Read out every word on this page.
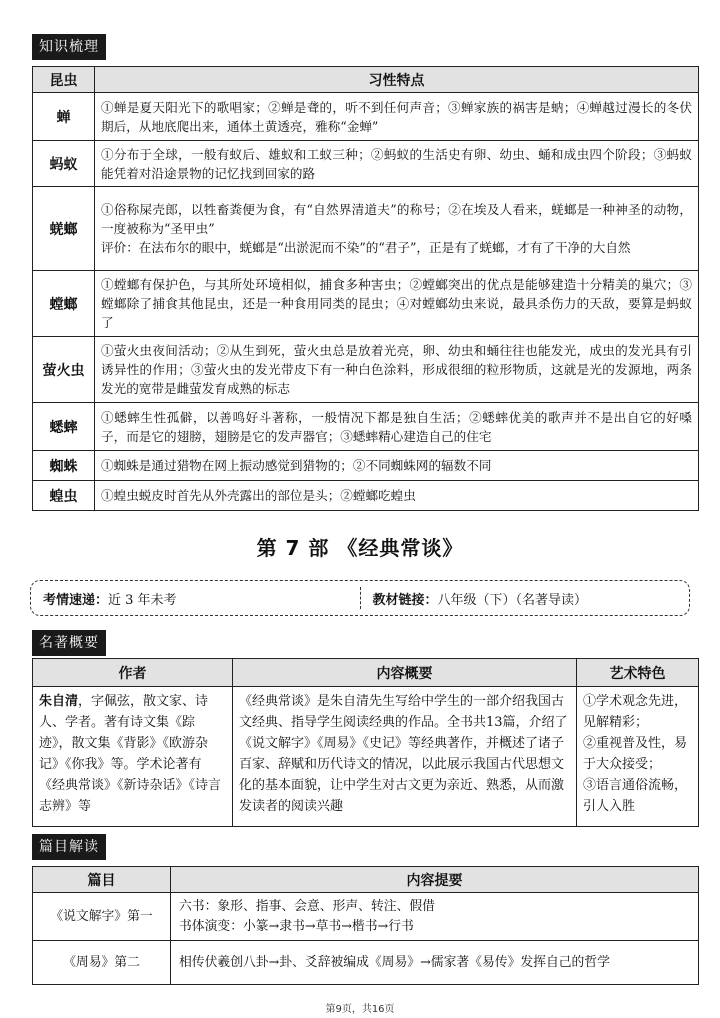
知识梳理
昆虫	习性特点
蝉	①蝉是夏天阳光下的歌唱家；②蝉是聋的，听不到任何声音；③蝉家族的祸害是蚋；④蝉越过漫长的冬伏期后，从地底爬出来，通体土黄透亮，雅称“金蝉”
蚂蚁	①分布于全球，一般有蚁后、雄蚁和工蚁三种；②蚂蚁的生活史有卵、幼虫、蛹和成虫四个阶段；③蚂蚁能凭着对沿途景物的记忆找到回家的路
蜣螂	①俗称屎壳郎，以牲畜粪便为食，有“自然界清道夫”的称号；②在埃及人看来，蜣螂是一种神圣的动物，一度被称为“圣甲虫”
评价：在法布尔的眼中，蜣螂是“出淤泥而不染”的“君子”，正是有了蜣螂，才有了干净的大自然

螳螂	①螳螂有保护色，与其所处环境相似，捕食多种害虫；②螳螂突出的优点是能够建造十分精美的巢穴；③螳螂除了捕食其他昆虫，还是一种食用同类的昆虫；④对螳螂幼虫来说，最具杀伤力的天敌，要算是蚂蚁了
萤火虫	①萤火虫夜间活动；②从生到死，萤火虫总是放着光亮，卵、幼虫和蛹往往也能发光，成虫的发光具有引诱异性的作用；③萤火虫的发光带皮下有一种白色涂料，形成很细的粒形物质，这就是光的发源地，两条发光的宽带是雌萤发育成熟的标志
蟋蟀	①蟋蟀生性孤僻，以善鸣好斗著称，一般情况下都是独自生活；②蟋蟀优美的歌声并不是出自它的好嗓子，而是它的翅膀，翅膀是它的发声器官；③蟋蟀精心建造自己的住宅
蜘蛛	①蜘蛛是通过猎物在网上振动感觉到猎物的；②不同蜘蛛网的辐数不同
蝗虫	①蝗虫蜕皮时首先从外壳露出的部位是头；②螳螂吃蝗虫
第 7 部 《经典常谈》
考情速递：近 3 年未考	教材链接：八年级（下）（名著导读）
名著概要
作者	内容概要	艺术特色
朱自清，字佩弦，散文家、诗人、学者。著有诗文集《踪迹》，散文集《背影》《欧游杂记》《你我》等。学术论著有《经典常谈》《新诗杂话》《诗言志辨》等	《经典常谈》是朱自清先生写给中学生的一部介绍我国古文经典、指导学生阅读经典的作品。全书共13篇，介绍了《说文解字》《周易》《史记》等经典著作，并概述了诸子百家、辞赋和历代诗文的情况，以此展示我国古代思想文化的基本面貌，让中学生对古文更为亲近、熟悉，从而激发读者的阅读兴趣	①学术观念先进，见解精彩；
②重视普及性，易于大众接受；
③语言通俗流畅，引人入胜
篇目解读
篇目	内容提要
《说文解字》第一	六书：象形、指事、会意、形声、转注、假借
书体演变：小篆→隶书→草书→楷书→行书

《周易》第二	相传伏羲创八卦→卦、爻辞被编成《周易》→儒家著《易传》发挥自己的哲学
第9页，共16页
